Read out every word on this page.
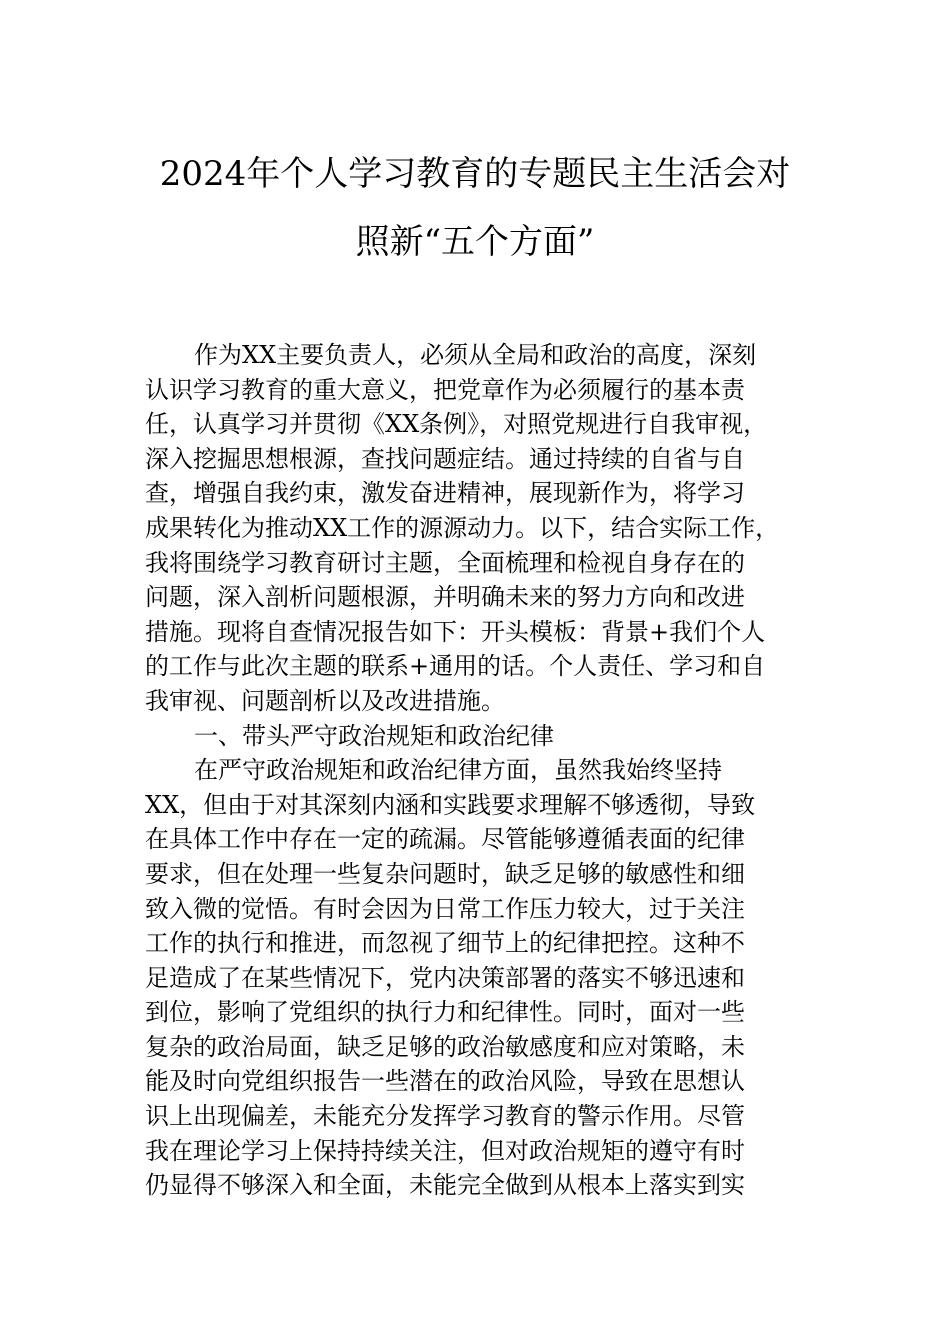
2024年个人学习教育的专题民主生活会对
照新“五个方面”
作为XX主要负责人，必须从全局和政治的高度，深刻
认识学习教育的重大意义，把党章作为必须履行的基本责
任，认真学习并贯彻《XX条例》，对照党规进行自我审视，
深入挖掘思想根源，查找问题症结。通过持续的自省与自
查，增强自我约束，激发奋进精神，展现新作为，将学习
成果转化为推动XX工作的源源动力。以下，结合实际工作，
我将围绕学习教育研讨主题，全面梳理和检视自身存在的
问题，深入剖析问题根源，并明确未来的努力方向和改进
措施。现将自查情况报告如下：开头模板：背景+我们个人
的工作与此次主题的联系+通用的话。个人责任、学习和自
我审视、问题剖析以及改进措施。
一、带头严守政治规矩和政治纪律
在严守政治规矩和政治纪律方面，虽然我始终坚持
XX，但由于对其深刻内涵和实践要求理解不够透彻，导致
在具体工作中存在一定的疏漏。尽管能够遵循表面的纪律
要求，但在处理一些复杂问题时，缺乏足够的敏感性和细
致入微的觉悟。有时会因为日常工作压力较大，过于关注
工作的执行和推进，而忽视了细节上的纪律把控。这种不
足造成了在某些情况下，党内决策部署的落实不够迅速和
到位，影响了党组织的执行力和纪律性。同时，面对一些
复杂的政治局面，缺乏足够的政治敏感度和应对策略，未
能及时向党组织报告一些潜在的政治风险，导致在思想认
识上出现偏差，未能充分发挥学习教育的警示作用。尽管
我在理论学习上保持持续关注，但对政治规矩的遵守有时
仍显得不够深入和全面，未能完全做到从根本上落实到实
